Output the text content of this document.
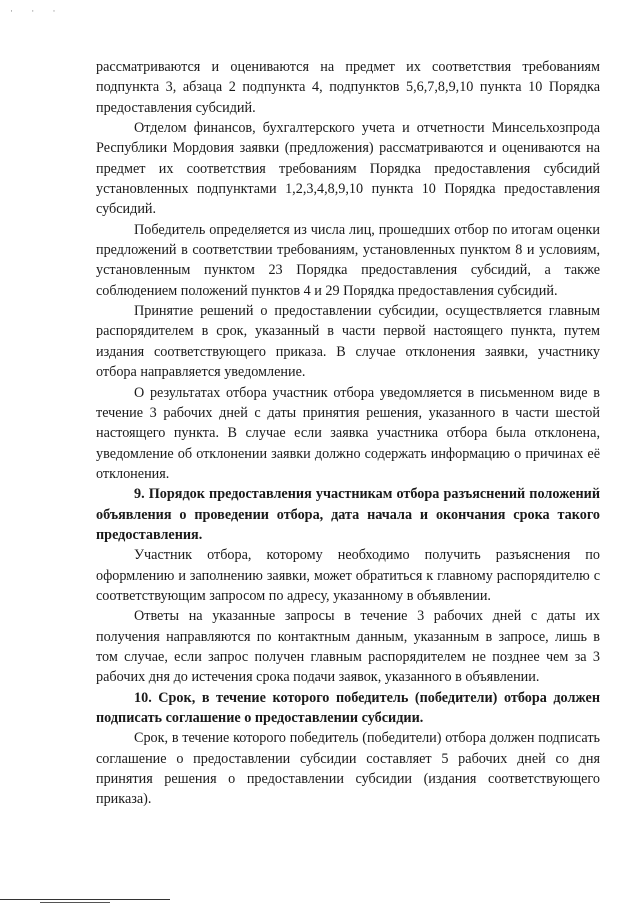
· · ·

рассматриваются и оцениваются на предмет их соответствия требованиям подпункта 3, абзаца 2 подпункта 4, подпунктов 5,6,7,8,9,10 пункта 10 Порядка предоставления субсидий.

Отделом финансов, бухгалтерского учета и отчетности Минсельхозпрода Республики Мордовия заявки (предложения) рассматриваются и оцениваются на предмет их соответствия требованиям Порядка предоставления субсидий установленных подпунктами 1,2,3,4,8,9,10 пункта 10 Порядка предоставления субсидий.

Победитель определяется из числа лиц, прошедших отбор по итогам оценки предложений в соответствии требованиям, установленных пунктом 8 и условиям, установленным пунктом 23 Порядка предоставления субсидий, а также соблюдением положений пунктов 4 и 29 Порядка предоставления субсидий.

Принятие решений о предоставлении субсидии, осуществляется главным распорядителем в срок, указанный в части первой настоящего пункта, путем издания соответствующего приказа. В случае отклонения заявки, участнику отбора направляется уведомление.

О результатах отбора участник отбора уведомляется в письменном виде в течение 3 рабочих дней с даты принятия решения, указанного в части шестой настоящего пункта. В случае если заявка участника отбора была отклонена, уведомление об отклонении заявки должно содержать информацию о причинах её отклонения.

9. Порядок предоставления участникам отбора разъяснений положений объявления о проведении отбора, дата начала и окончания срока такого предоставления.

Участник отбора, которому необходимо получить разъяснения по оформлению и заполнению заявки, может обратиться к главному распорядителю с соответствующим запросом по адресу, указанному в объявлении.

Ответы на указанные запросы в течение 3 рабочих дней с даты их получения направляются по контактным данным, указанным в запросе, лишь в том случае, если запрос получен главным распорядителем не позднее чем за 3 рабочих дня до истечения срока подачи заявок, указанного в объявлении.

10. Срок, в течение которого победитель (победители) отбора должен подписать соглашение о предоставлении субсидии.

Срок, в течение которого победитель (победители) отбора должен подписать соглашение о предоставлении субсидии составляет 5 рабочих дней со дня принятия решения о предоставлении субсидии (издания соответствующего приказа).
